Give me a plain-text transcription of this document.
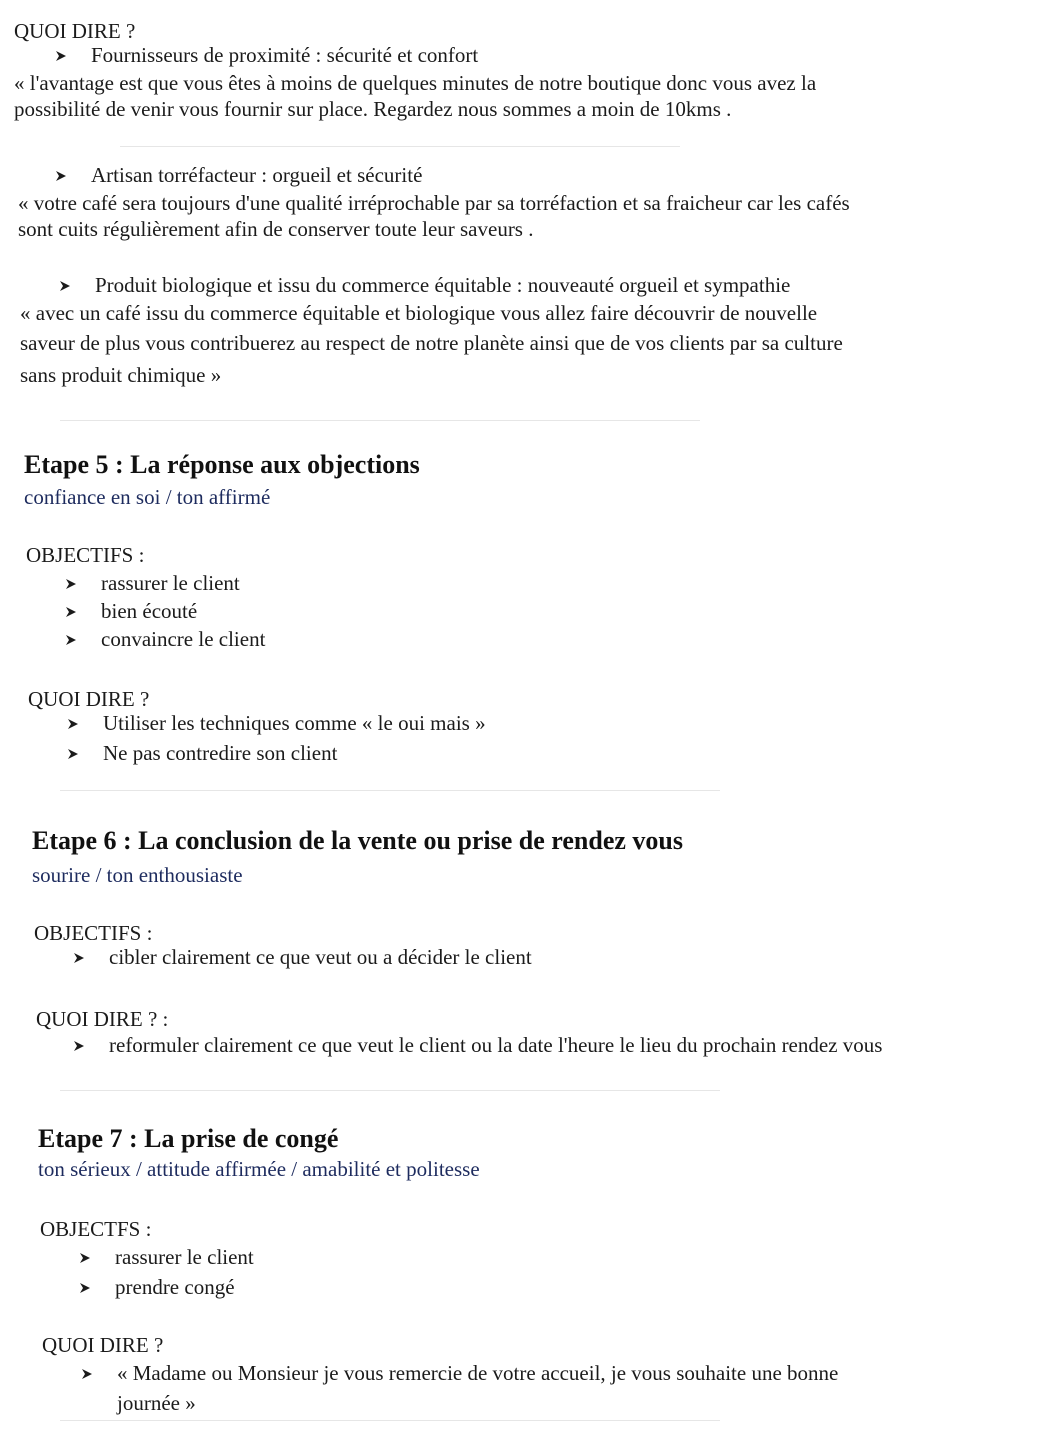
QUOI DIRE ?
Fournisseurs de proximité : sécurité et confort
« l'avantage est que vous êtes à moins de quelques minutes de notre boutique donc vous avez la
possibilité de venir vous fournir sur place. Regardez nous sommes a moin de 10kms .
Artisan torréfacteur : orgueil et sécurité
« votre café sera toujours d'une qualité irréprochable par sa torréfaction et sa fraicheur car les cafés
sont cuits régulièrement afin de conserver toute leur saveurs .
Produit biologique et issu du commerce équitable : nouveauté orgueil et sympathie
« avec un café issu du commerce équitable et biologique vous allez faire découvrir de nouvelle
saveur de plus vous contribuerez au respect de notre planète ainsi que de vos clients par sa culture
sans produit chimique »
Etape 5 : La réponse aux objections
confiance en soi / ton affirmé
OBJECTIFS :
rassurer le client
bien écouté
convaincre le client
QUOI DIRE ?
Utiliser les techniques comme « le oui mais »
Ne pas contredire son client
Etape 6 : La conclusion de la vente ou prise de rendez vous
sourire / ton enthousiaste
OBJECTIFS :
cibler clairement ce que veut ou a décider le client
QUOI DIRE ? :
reformuler clairement ce que veut le client ou la date l'heure le lieu du prochain rendez vous
Etape 7 : La prise de congé
ton sérieux / attitude affirmée / amabilité et politesse
OBJECTFS :
rassurer le client
prendre congé
QUOI DIRE ?
« Madame ou Monsieur je vous remercie de votre accueil, je vous souhaite une bonne
journée »
